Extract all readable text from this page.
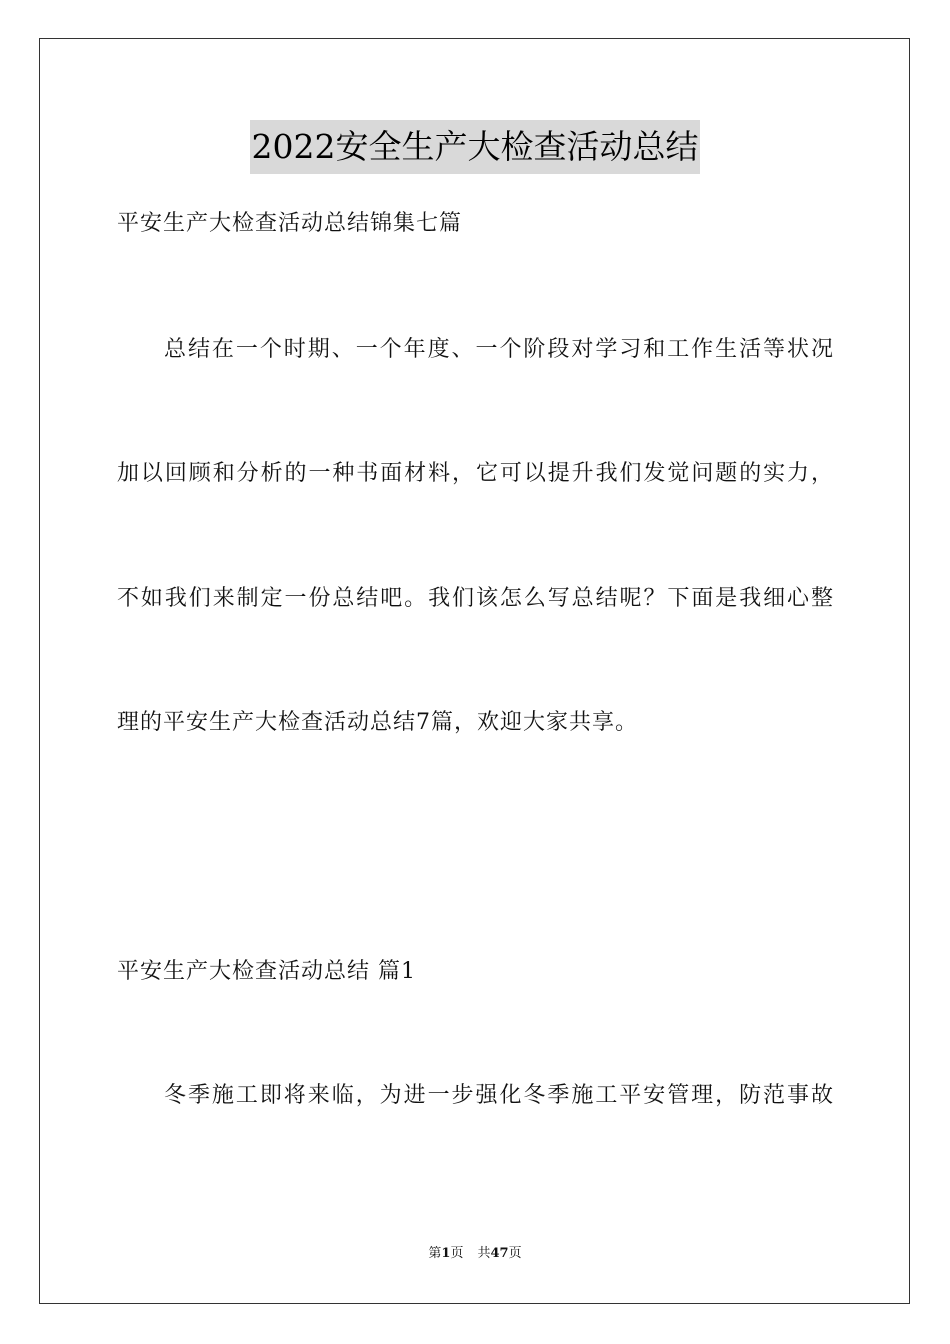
2022安全生产大检查活动总结
平安生产大检查活动总结锦集七篇
总结在一个时期、一个年度、一个阶段对学习和工作生活等状况
加以回顾和分析的一种书面材料，它可以提升我们发觉问题的实力，
不如我们来制定一份总结吧。我们该怎么写总结呢？下面是我细心整
理的平安生产大检查活动总结7篇，欢迎大家共享。
平安生产大检查活动总结 篇1
冬季施工即将来临，为进一步强化冬季施工平安管理，防范事故
第1页 共47页
